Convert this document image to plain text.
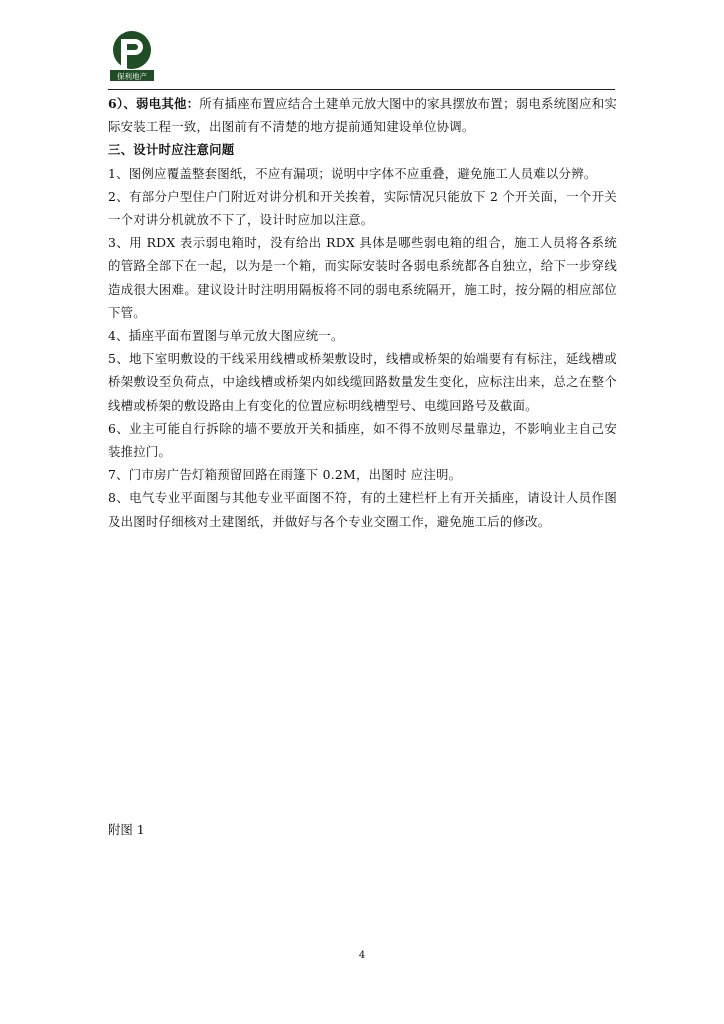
保利地产

6）、弱电其他：所有插座布置应结合土建单元放大图中的家具摆放布置；弱电系统图应和实际安装工程一致，出图前有不清楚的地方提前通知建设单位协调。

三、设计时应注意问题

1、图例应覆盖整套图纸，不应有漏项；说明中字体不应重叠，避免施工人员难以分辨。

2、有部分户型住户门附近对讲分机和开关挨着，实际情况只能放下 2 个开关面，一个开关一个对讲分机就放不下了，设计时应加以注意。

3、用 RDX 表示弱电箱时，没有给出 RDX 具体是哪些弱电箱的组合，施工人员将各系统的管路全部下在一起，以为是一个箱，而实际安装时各弱电系统都各自独立，给下一步穿线造成很大困难。建议设计时注明用隔板将不同的弱电系统隔开，施工时，按分隔的相应部位下管。

4、插座平面布置图与单元放大图应统一。

5、地下室明敷设的干线采用线槽或桥架敷设时，线槽或桥架的始端要有有标注，延线槽或桥架敷设至负荷点，中途线槽或桥架内如线缆回路数量发生变化，应标注出来，总之在整个线槽或桥架的敷设路由上有变化的位置应标明线槽型号、电缆回路号及截面。

6、业主可能自行拆除的墙不要放开关和插座，如不得不放则尽量靠边，不影响业主自己安装推拉门。

7、门市房广告灯箱预留回路在雨篷下 0.2M，出图时 应注明。

8、电气专业平面图与其他专业平面图不符，有的土建栏杆上有开关插座，请设计人员作图及出图时仔细核对土建图纸，并做好与各个专业交圈工作，避免施工后的修改。

附图 1
4
